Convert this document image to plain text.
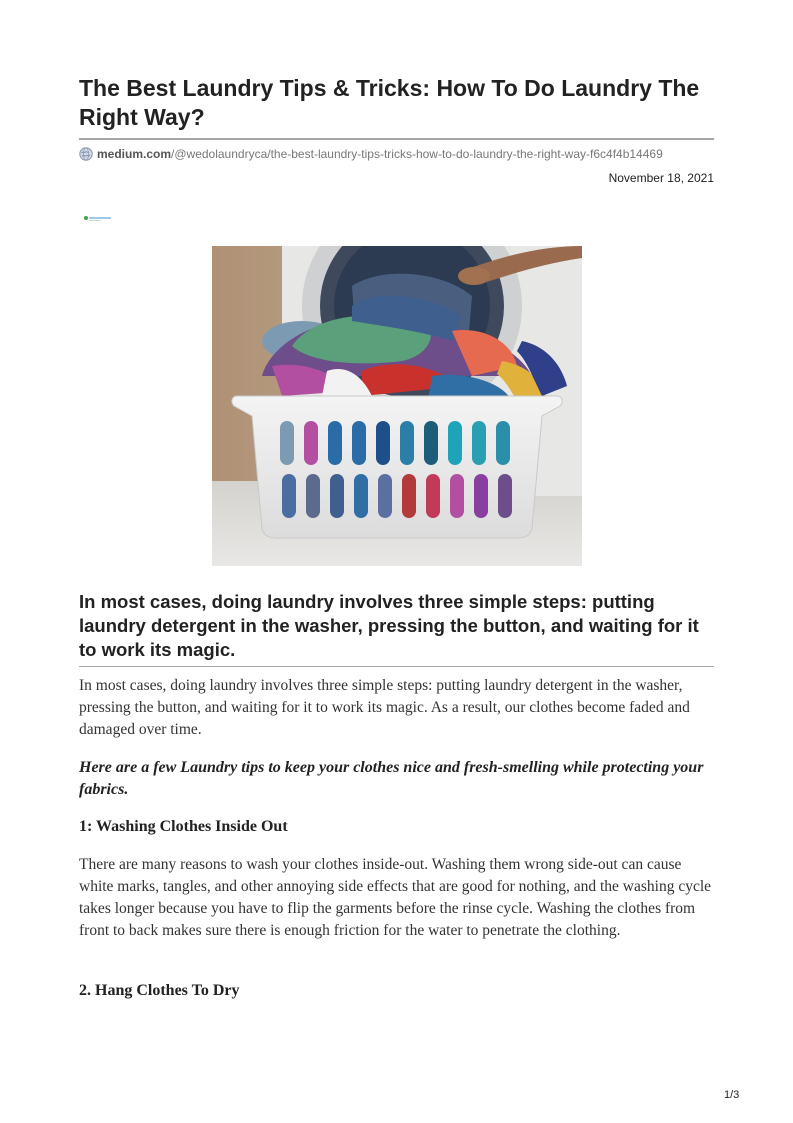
The Best Laundry Tips & Tricks: How To Do Laundry The Right Way?
medium.com/@wedolaundryca/the-best-laundry-tips-tricks-how-to-do-laundry-the-right-way-f6c4f4b14469
November 18, 2021
In most cases, doing laundry involves three simple steps: putting laundry detergent in the washer, pressing the button, and waiting for it to work its magic.

In most cases, doing laundry involves three simple steps: putting laundry detergent in the washer, pressing the button, and waiting for it to work its magic. As a result, our clothes become faded and damaged over time.

Here are a few Laundry tips to keep your clothes nice and fresh-smelling while protecting your fabrics.

1: Washing Clothes Inside Out

There are many reasons to wash your clothes inside-out. Washing them wrong side-out can cause white marks, tangles, and other annoying side effects that are good for nothing, and the washing cycle takes longer because you have to flip the garments before the rinse cycle. Washing the clothes from front to back makes sure there is enough friction for the water to penetrate the clothing.

2. Hang Clothes To Dry
1/3
